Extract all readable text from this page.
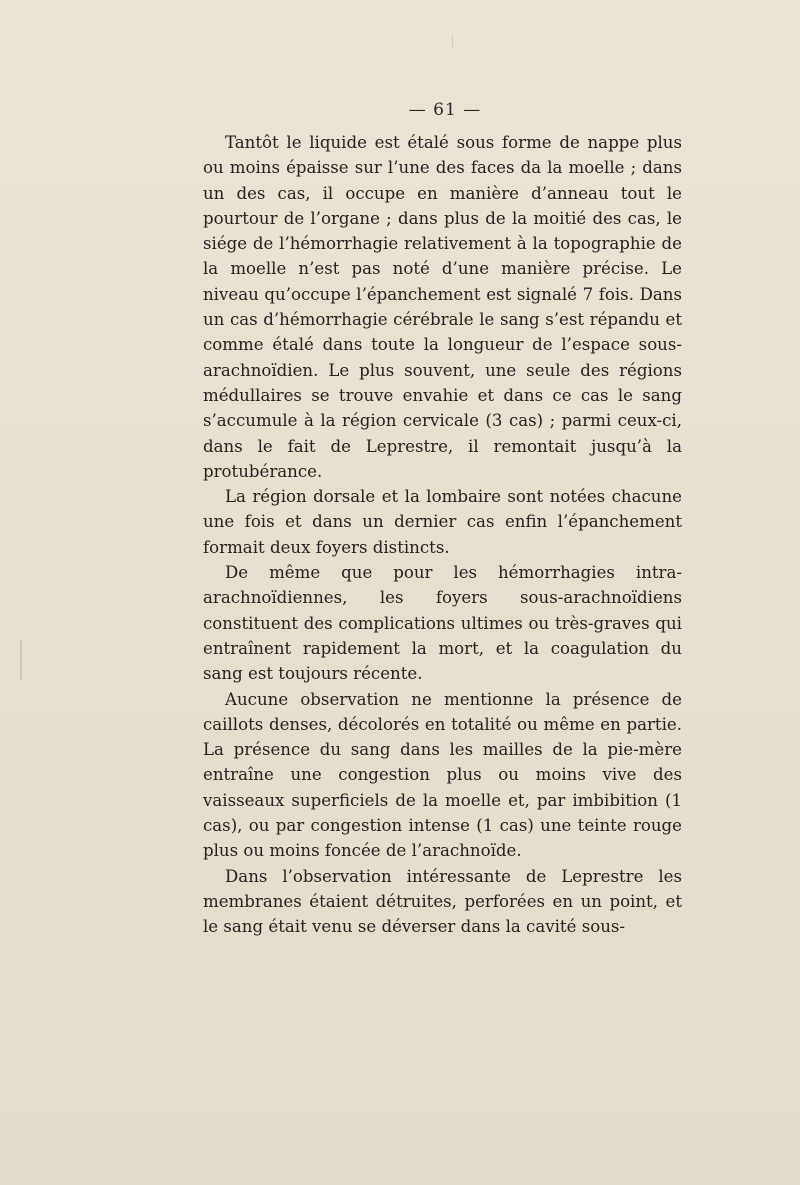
— 61 —

Tantôt le liquide est étalé sous forme de nappe plus ou moins épaisse sur l’une des faces da la moelle ; dans un des cas, il occupe en manière d’anneau tout le pourtour de l’organe ; dans plus de la moitié des cas, le siége de l’hémorrhagie relativement à la topographie de la moelle n’est pas noté d’une manière précise. Le niveau qu’occupe l’épanchement est signalé 7 fois. Dans un cas d’hémorrhagie cérébrale le sang s’est répandu et comme étalé dans toute la longueur de l’espace sous-arachnoïdien. Le plus souvent, une seule des régions médullaires se trouve envahie et dans ce cas le sang s’accumule à la région cervicale (3 cas) ; parmi ceux-ci, dans le fait de Leprestre, il remontait jusqu’à la protubérance.

La région dorsale et la lombaire sont notées chacune une fois et dans un dernier cas enfin l’épanchement formait deux foyers distincts.

De même que pour les hémorrhagies intra-arachnoïdiennes, les foyers sous-arachnoïdiens constituent des complications ultimes ou très-graves qui entraînent rapidement la mort, et la coagulation du sang est toujours récente.

Aucune observation ne mentionne la présence de caillots denses, décolorés en totalité ou même en partie. La présence du sang dans les mailles de la pie-mère entraîne une congestion plus ou moins vive des vaisseaux superficiels de la moelle et, par imbibition (1 cas), ou par congestion intense (1 cas) une teinte rouge plus ou moins foncée de l’arachnoïde.

Dans l’observation intéressante de Leprestre les membranes étaient détruites, perforées en un point, et le sang était venu se déverser dans la cavité sous-
